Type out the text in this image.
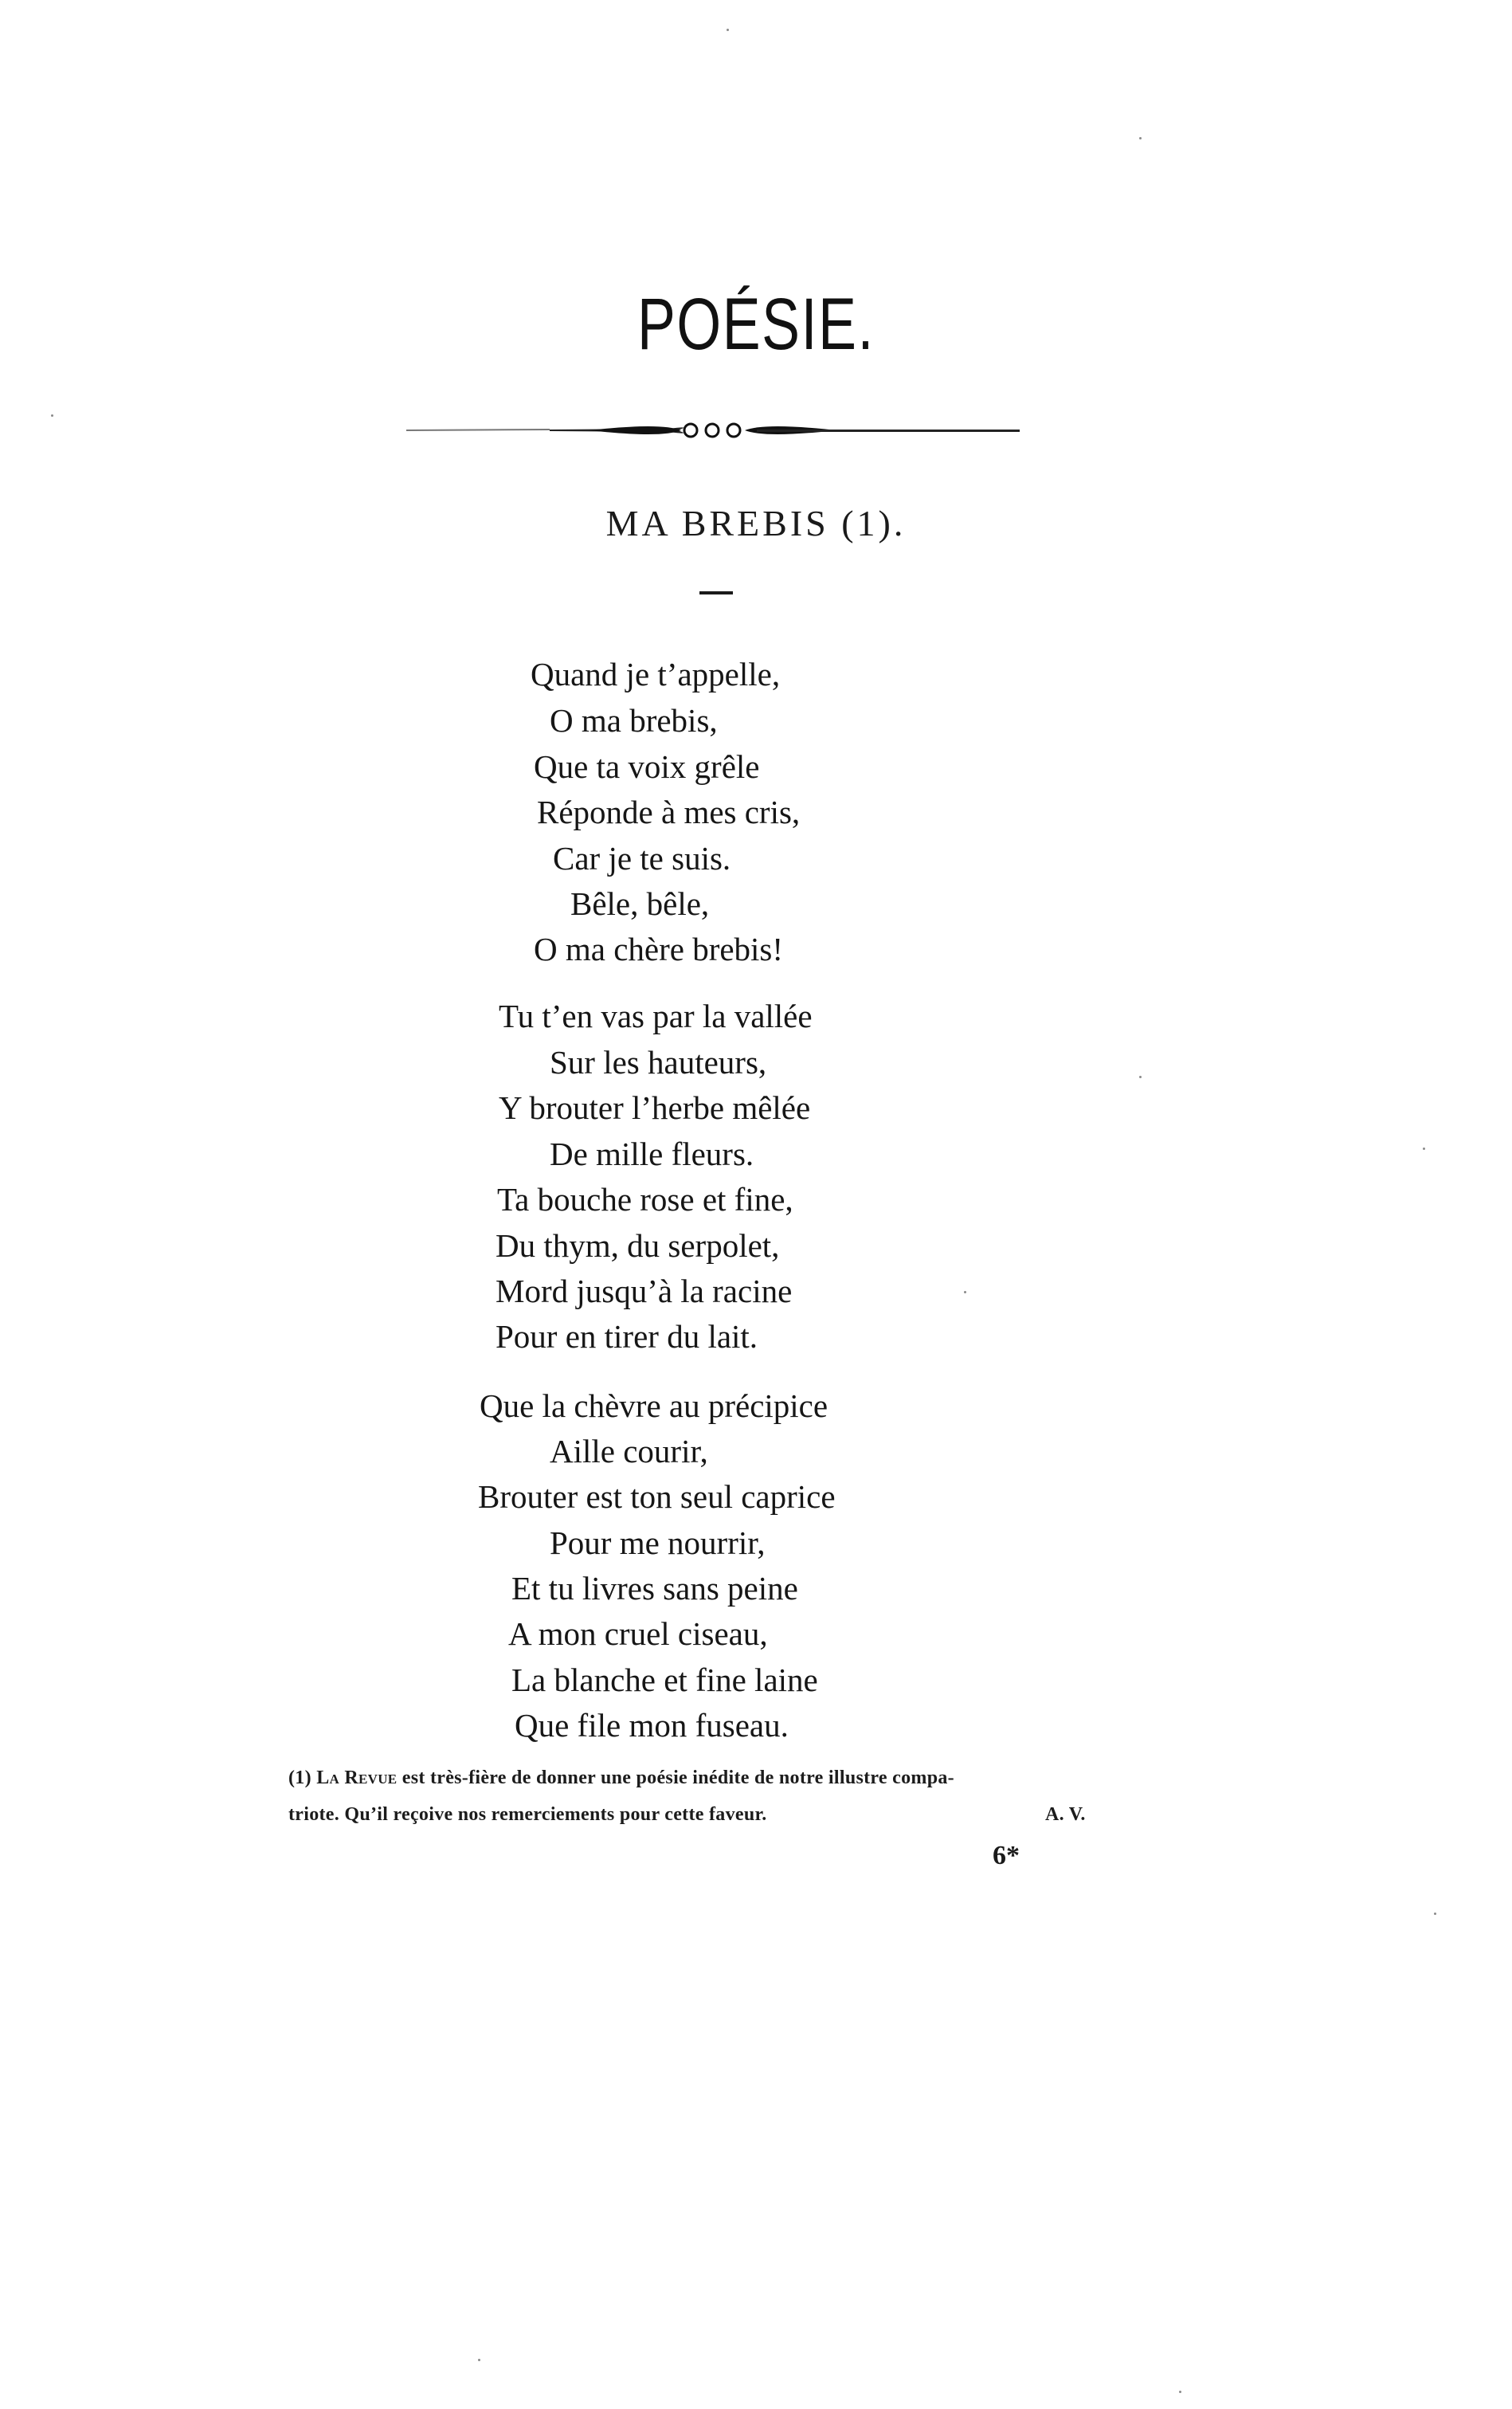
POÉSIE.
MA BREBIS (1).
Quand je t’appelle,
O ma brebis,
Que ta voix grêle
Réponde à mes cris,
Car je te suis.
Bêle, bêle,
O ma chère brebis!
Tu t’en vas par la vallée
Sur les hauteurs,
Y brouter l’herbe mêlée
De mille fleurs.
Ta bouche rose et fine,
Du thym, du serpolet,
Mord jusqu’à la racine
Pour en tirer du lait.
Que la chèvre au précipice
Aille courir,
Brouter est ton seul caprice
Pour me nourrir,
Et tu livres sans peine
A mon cruel ciseau,
La blanche et fine laine
Que file mon fuseau.
(1) La Revue est très-fière de donner une poésie inédite de notre illustre compa-
triote. Qu’il reçoive nos remerciements pour cette faveur.	A. V.
6*
